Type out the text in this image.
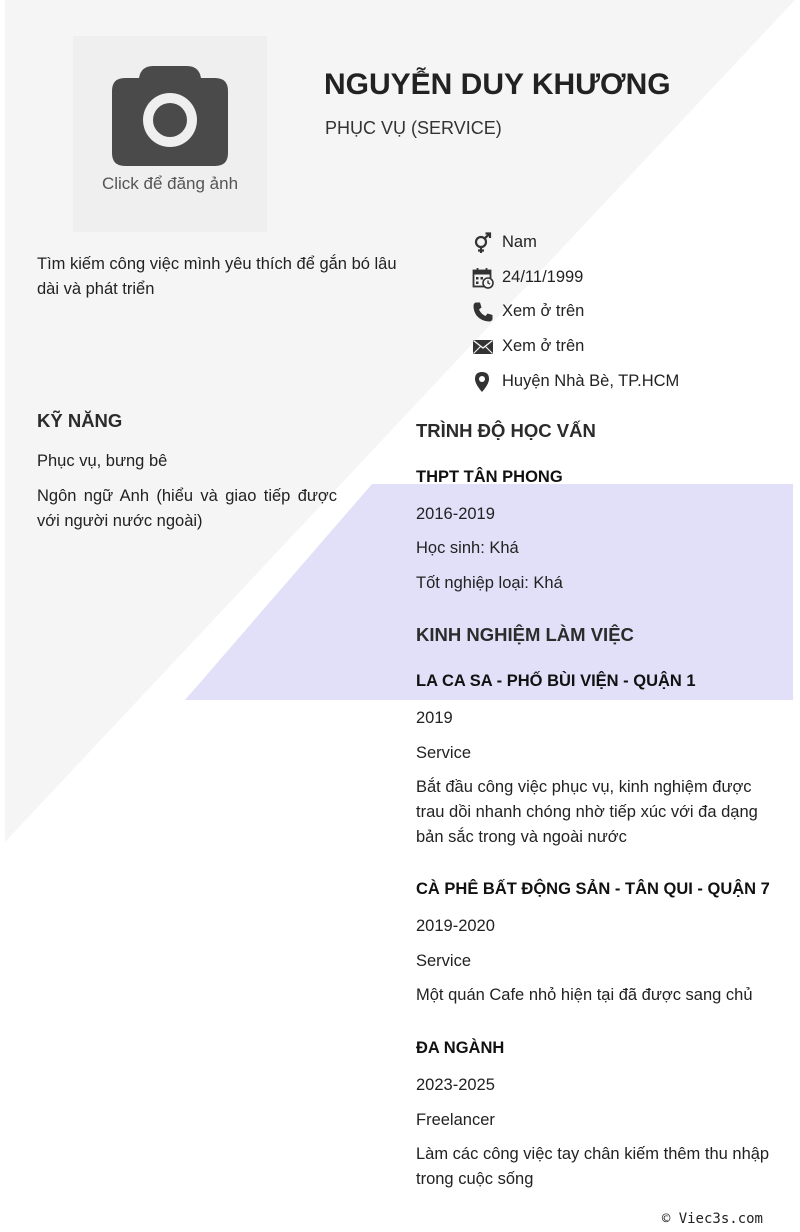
Click để đăng ảnh
NGUYỄN DUY KHƯƠNG
PHỤC VỤ (SERVICE)
Tìm kiếm công việc mình yêu thích để gắn bó lâu dài và phát triển
Nam
24/11/1999
Xem ở trên
Xem ở trên
Huyện Nhà Bè, TP.HCM
KỸ NĂNG
Phục vụ, bưng bê
Ngôn ngữ Anh (hiểu và giao tiếp được với người nước ngoài)
TRÌNH ĐỘ HỌC VẤN
THPT TÂN PHONG
2016-2019
Học sinh: Khá
Tốt nghiệp loại: Khá
KINH NGHIỆM LÀM VIỆC
LA CA SA - PHỐ BÙI VIỆN - QUẬN 1
2019
Service
Bắt đầu công việc phục vụ, kinh nghiệm được trau dồi nhanh chóng nhờ tiếp xúc với đa dạng bản sắc trong và ngoài nước
CÀ PHÊ BẤT ĐỘNG SẢN - TÂN QUI - QUẬN 7
2019-2020
Service
Một quán Cafe nhỏ hiện tại đã được sang chủ
ĐA NGÀNH
2023-2025
Freelancer
Làm các công việc tay chân kiếm thêm thu nhập trong cuộc sống
© Viec3s.com
